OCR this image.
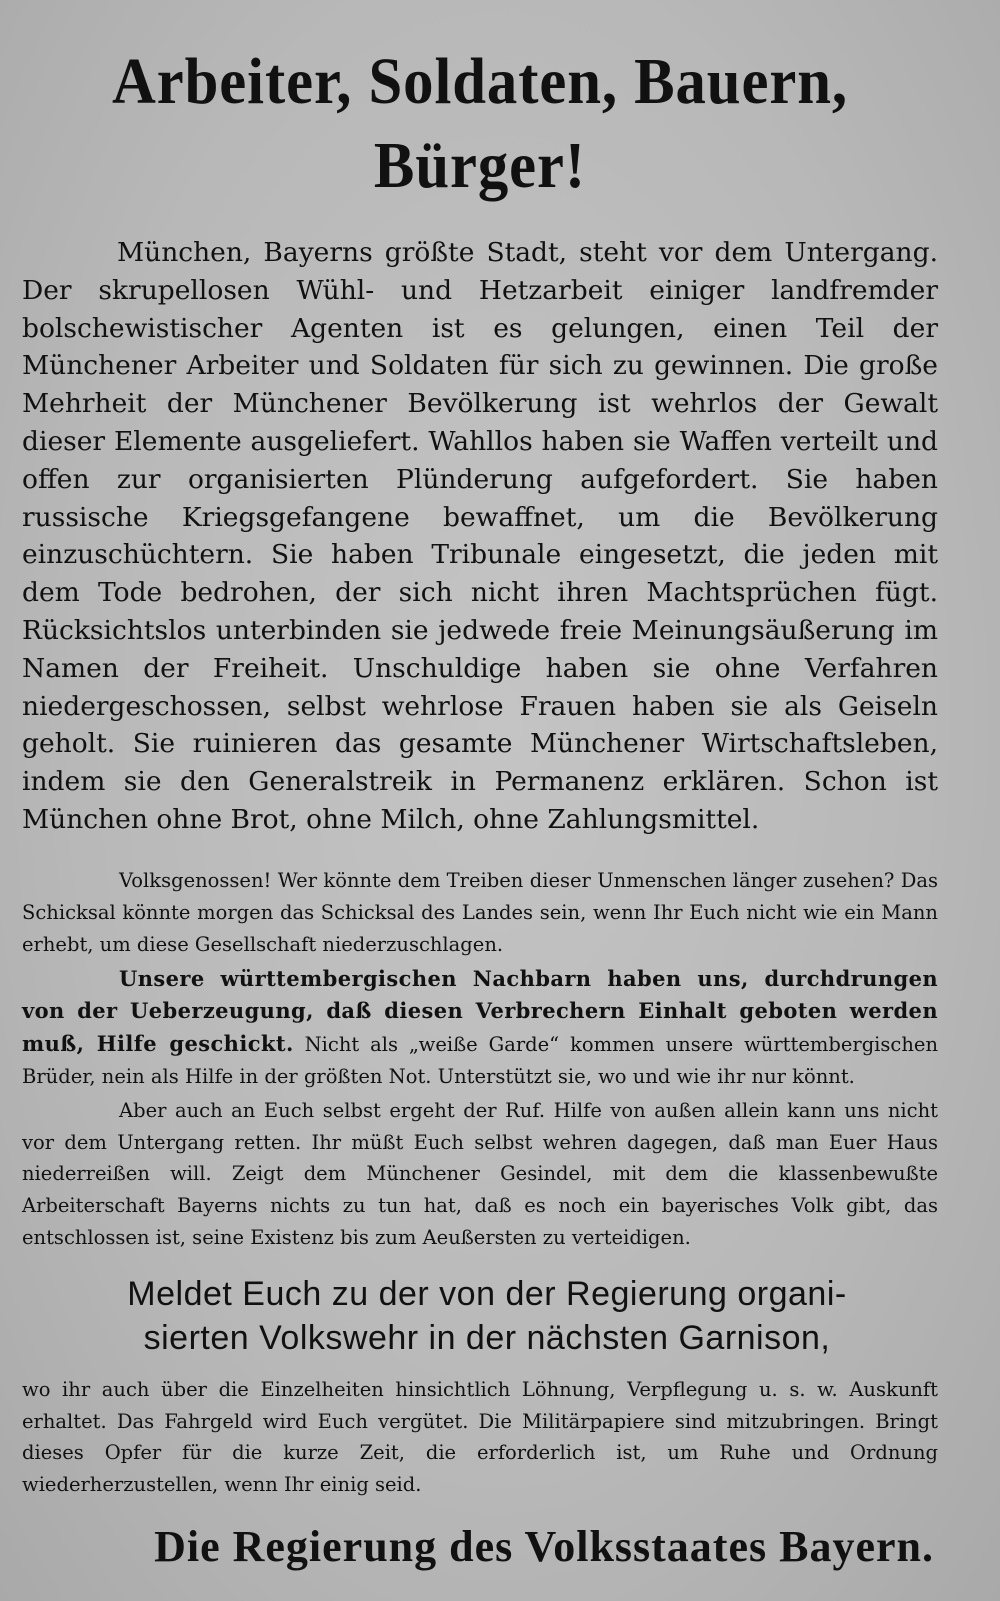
Arbeiter, Soldaten, Bauern, Bürger!

München, Bayerns größte Stadt, steht vor dem Untergang. Der skrupellosen Wühl- und Hetzarbeit einiger landfremder bolschewistischer Agenten ist es gelungen, einen Teil der Münchener Arbeiter und Soldaten für sich zu gewinnen. Die große Mehrheit der Münchener Bevölkerung ist wehrlos der Gewalt dieser Elemente ausgeliefert. Wahllos haben sie Waffen verteilt und offen zur organisierten Plünderung aufgefordert. Sie haben russische Kriegsgefangene bewaffnet, um die Bevölkerung einzuschüchtern. Sie haben Tribunale eingesetzt, die jeden mit dem Tode bedrohen, der sich nicht ihren Machtsprüchen fügt. Rücksichtslos unterbinden sie jedwede freie Meinungsäußerung im Namen der Freiheit. Unschuldige haben sie ohne Verfahren niedergeschossen, selbst wehrlose Frauen haben sie als Geiseln geholt. Sie ruinieren das gesamte Münchener Wirtschaftsleben, indem sie den Generalstreik in Permanenz erklären. Schon ist München ohne Brot, ohne Milch, ohne Zahlungsmittel.

Volksgenossen! Wer könnte dem Treiben dieser Unmenschen länger zusehen? Das Schicksal könnte morgen das Schicksal des Landes sein, wenn Ihr Euch nicht wie ein Mann erhebt, um diese Gesellschaft niederzuschlagen.

Unsere württembergischen Nachbarn haben uns, durchdrungen von der Ueberzeugung, daß diesen Verbrechern Einhalt geboten werden muß, Hilfe geschickt. Nicht als „weiße Garde“ kommen unsere württembergischen Brüder, nein als Hilfe in der größten Not. Unterstützt sie, wo und wie ihr nur könnt.

Aber auch an Euch selbst ergeht der Ruf. Hilfe von außen allein kann uns nicht vor dem Untergang retten. Ihr müßt Euch selbst wehren dagegen, daß man Euer Haus niederreißen will. Zeigt dem Münchener Gesindel, mit dem die klassenbewußte Arbeiterschaft Bayerns nichts zu tun hat, daß es noch ein bayerisches Volk gibt, das entschlossen ist, seine Existenz bis zum Aeußersten zu verteidigen.

Meldet Euch zu der von der Regierung organi-
sierten Volkswehr in der nächsten Garnison,

wo ihr auch über die Einzelheiten hinsichtlich Löhnung, Verpflegung u. s. w. Auskunft erhaltet. Das Fahrgeld wird Euch vergütet. Die Militärpapiere sind mitzubringen. Bringt dieses Opfer für die kurze Zeit, die erforderlich ist, um Ruhe und Ordnung wiederherzustellen, wenn Ihr einig seid.

Die Regierung des Volksstaates Bayern.
